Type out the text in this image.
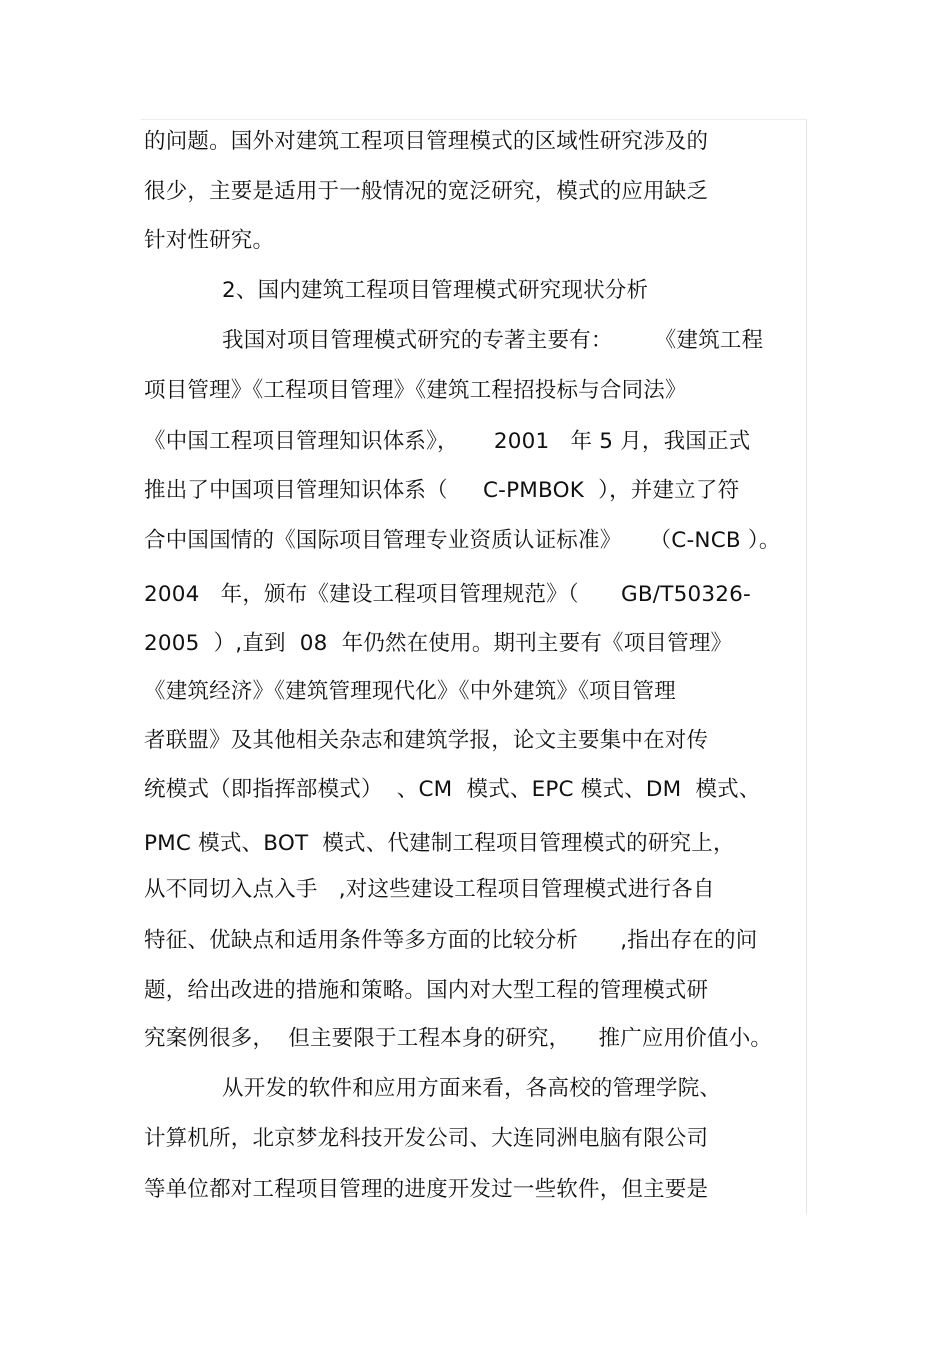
的问题。国外对建筑工程项目管理模式的区域性研究涉及的
很少，主要是适用于一般情况的宽泛研究，模式的应用缺乏
针对性研究。
2、国内建筑工程项目管理模式研究现状分析
我国对项目管理模式研究的专著主要有：      《建筑工程
项目管理》《工程项目管理》《建筑工程招投标与合同法》
《中国工程项目管理知识体系》，     2001   年 5 月，我国正式
推出了中国项目管理知识体系（     C-PMBOK  ），并建立了符
合中国国情的《国际项目管理专业资质认证标准》    （C-NCB ）。
2004   年，颁布《建设工程项目管理规范》（      GB/T50326-
2005  ）,直到  08  年仍然在使用。期刊主要有《项目管理》
《建筑经济》《建筑管理现代化》《中外建筑》《项目管理
者联盟》及其他相关杂志和建筑学报，论文主要集中在对传
统模式（即指挥部模式）  、CM  模式、EPC 模式、DM  模式、
PMC 模式、BOT  模式、代建制工程项目管理模式的研究上，
从不同切入点入手   ,对这些建设工程项目管理模式进行各自
特征、优缺点和适用条件等多方面的比较分析      ,指出存在的问
题，给出改进的措施和策略。国内对大型工程的管理模式研
究案例很多，  但主要限于工程本身的研究，    推广应用价值小。
从开发的软件和应用方面来看，各高校的管理学院、
计算机所，北京梦龙科技开发公司、大连同洲电脑有限公司
等单位都对工程项目管理的进度开发过一些软件，但主要是
